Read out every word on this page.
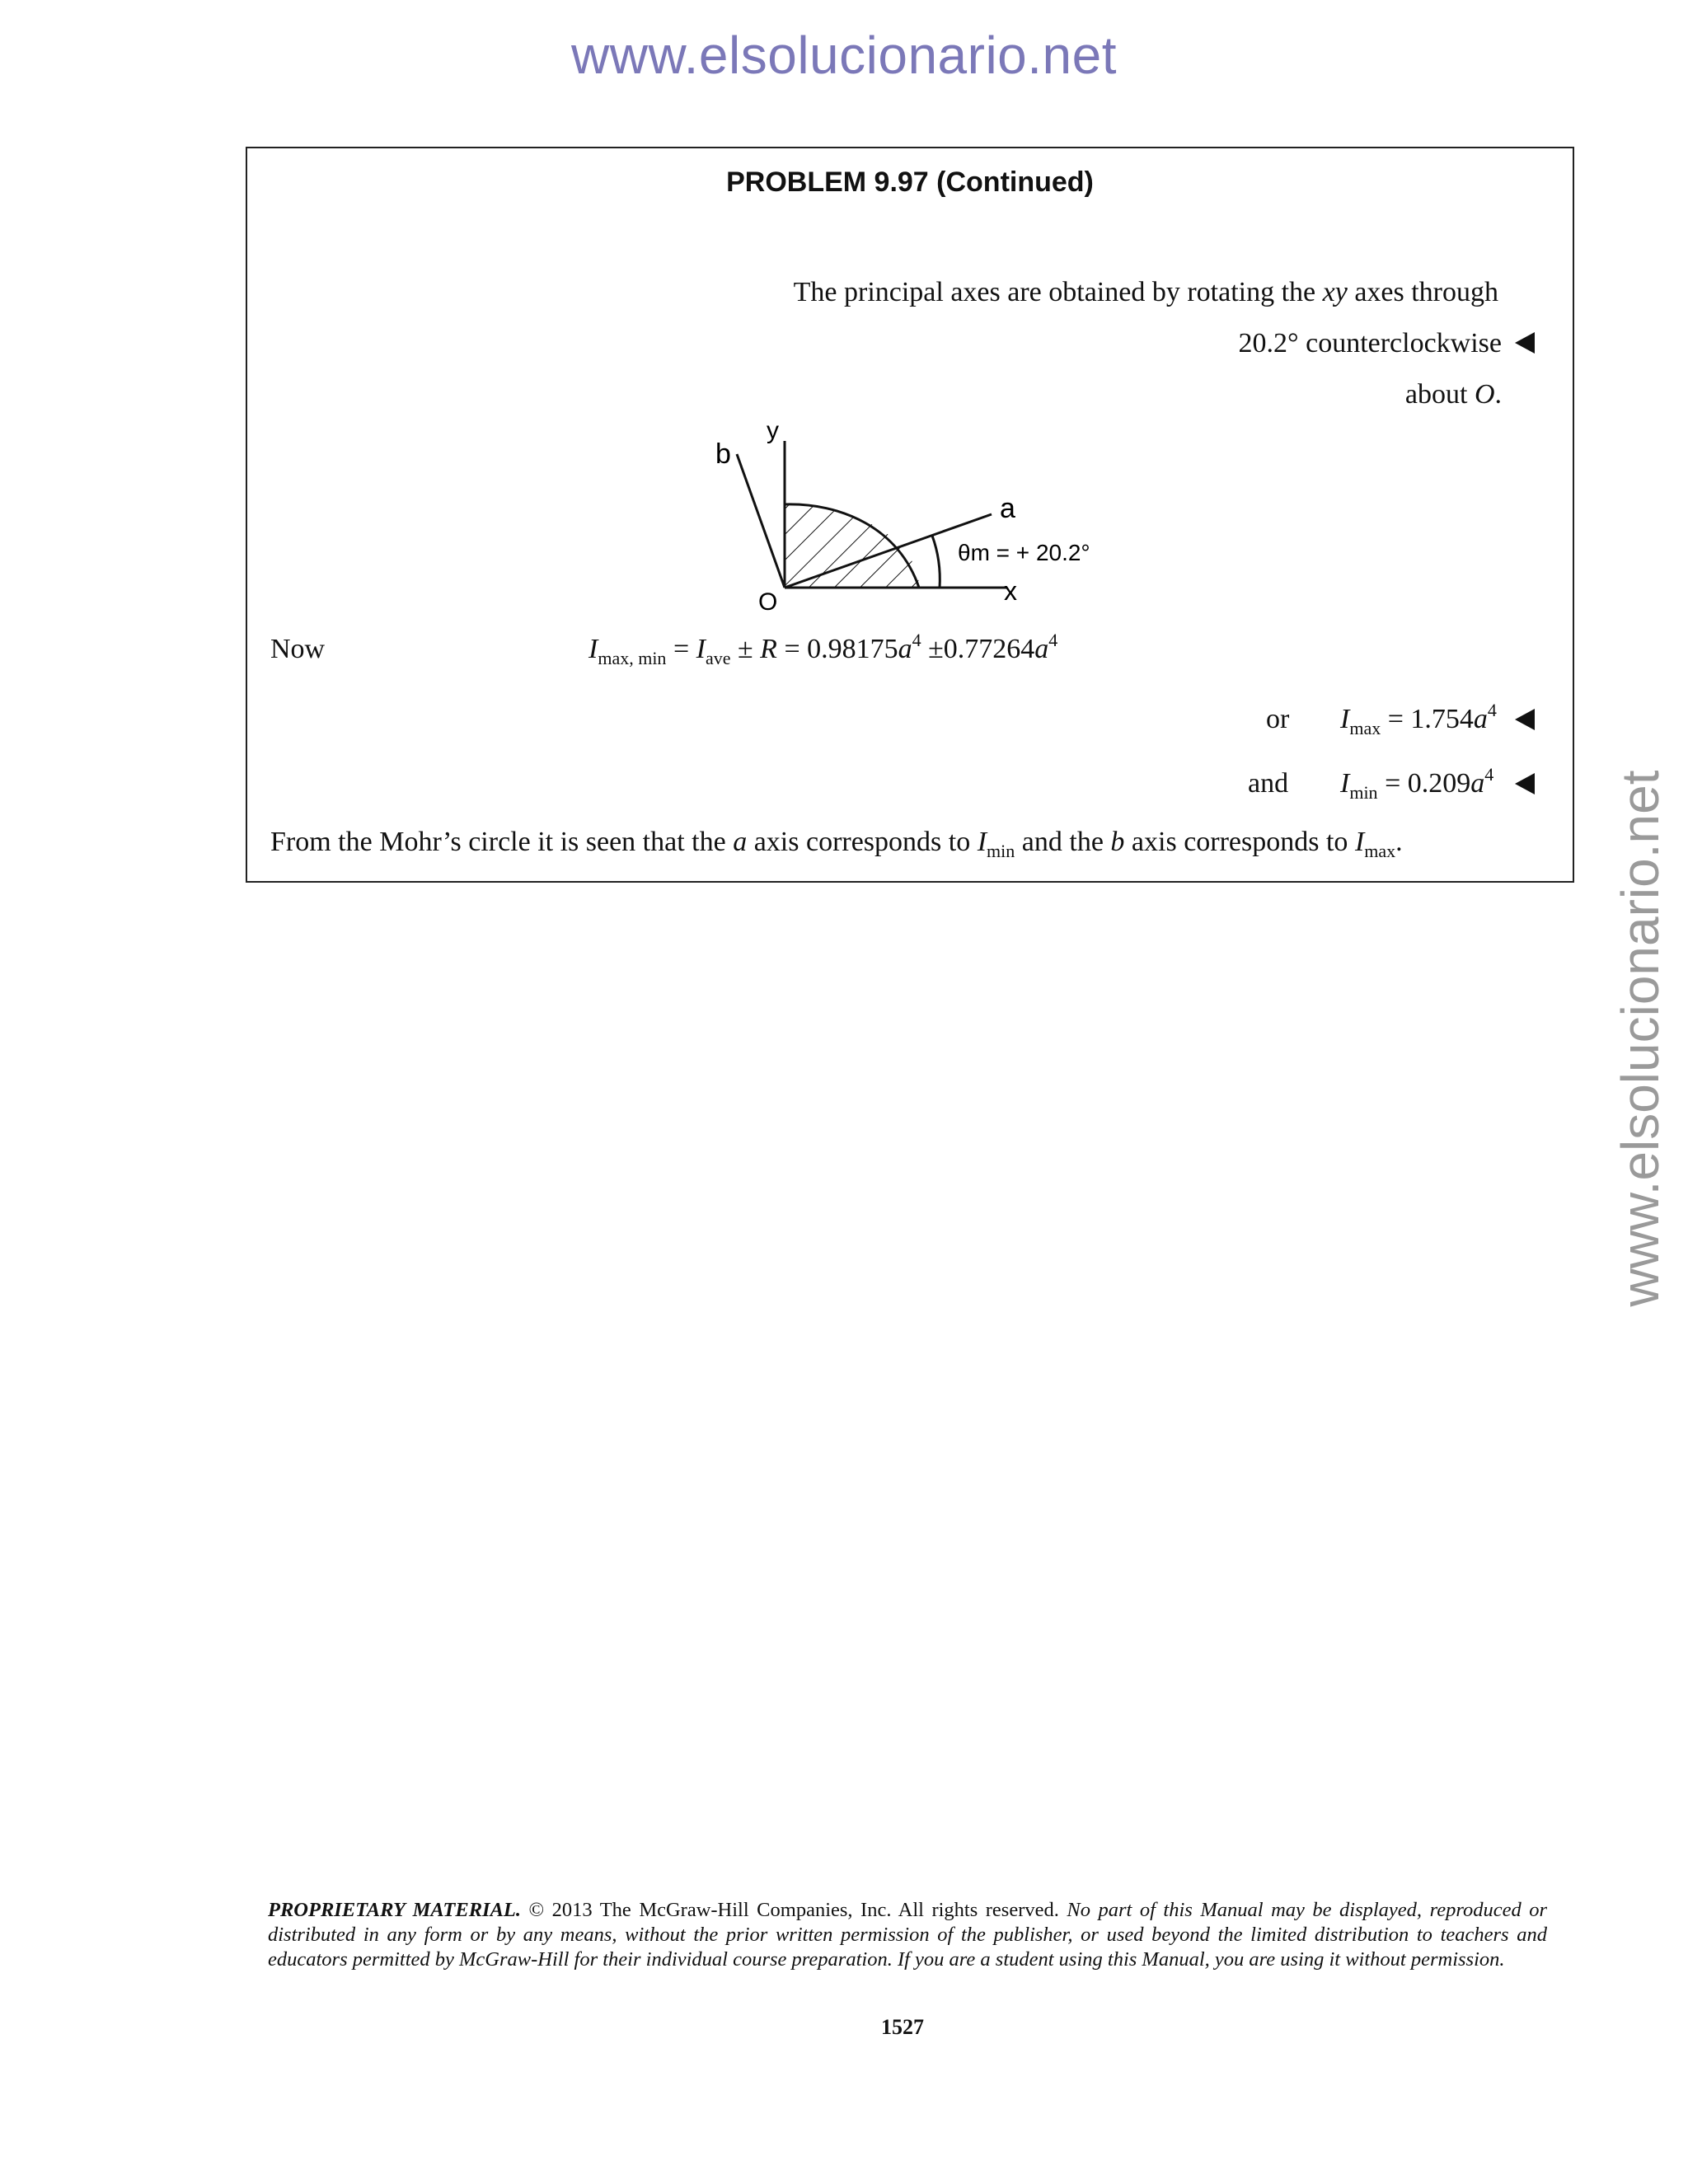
www.elsolucionario.net
www.elsolucionario.net
PROBLEM 9.97 (Continued)
The principal axes are obtained by rotating the xy axes through
20.2° counterclockwise
about O.
b
y
a
x
O
θm = + 20.2°
Now	$I_{max, min} = I_{ave} \pm R = 0.98175a^4 \pm 0.77264a^4$
or $I_{max} = 1.754a^4$
and $I_{min} = 0.209a^4$
From the Mohr’s circle it is seen that the a axis corresponds to $I_{min}$ and the b axis corresponds to $I_{max}$.
PROPRIETARY MATERIAL. © 2013 The McGraw-Hill Companies, Inc. All rights reserved. No part of this Manual may be displayed, reproduced or distributed in any form or by any means, without the prior written permission of the publisher, or used beyond the limited distribution to teachers and educators permitted by McGraw-Hill for their individual course preparation. If you are a student using this Manual, you are using it without permission.
1527
